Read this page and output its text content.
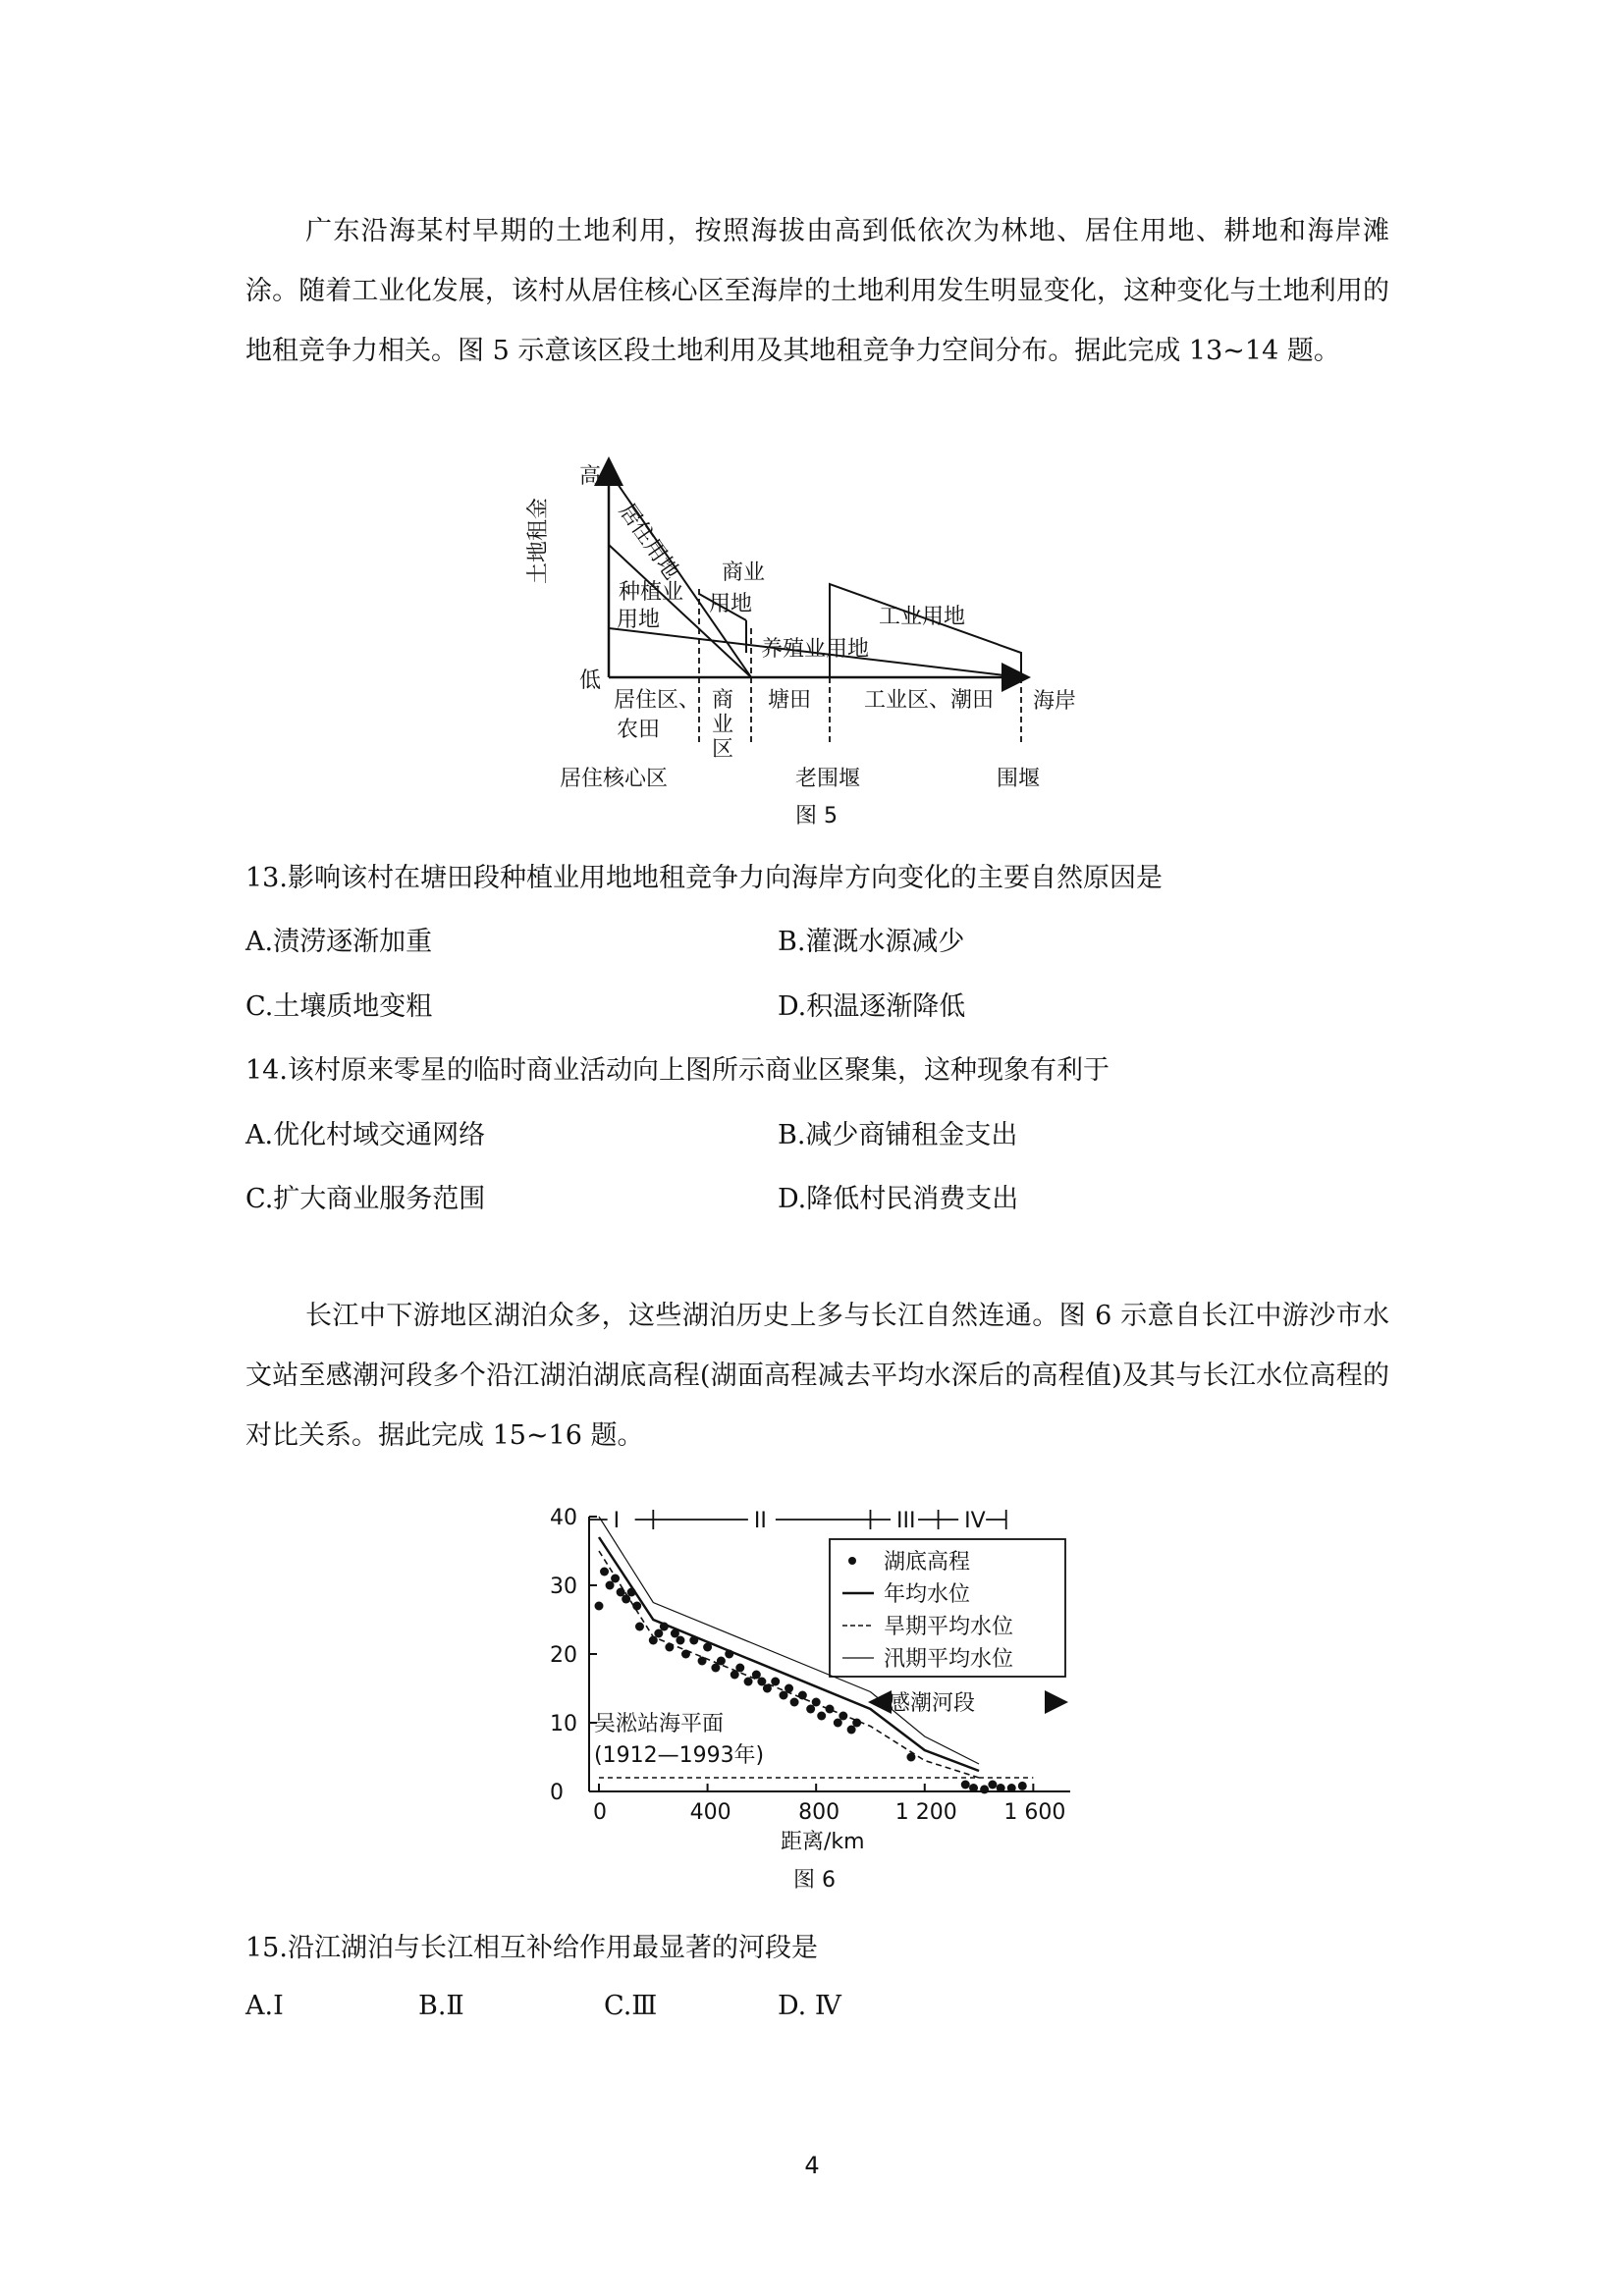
广东沿海某村早期的土地利用，按照海拔由高到低依次为林地、居住用地、耕地和海岸滩涂。随着工业化发展，该村从居住核心区至海岸的土地利用发生明显变化，这种变化与土地利用的地租竞争力相关。图 5 示意该区段土地利用及其地租竞争力空间分布。据此完成 13~14 题。

高
低
土地租金
海岸
居住用地 商业
用地
种植业
用地
养殖业用地
工业用地
居住区、
农田
商
业
区
塘田 工业区、潮田
居住核心区	老围堰	围堰
图 5

13.影响该村在塘田段种植业用地地租竞争力向海岸方向变化的主要自然原因是

A.渍涝逐渐加重	B.灌溉水源减少

C.土壤质地变粗	D.积温逐渐降低

14.该村原来零星的临时商业活动向上图所示商业区聚集，这种现象有利于

A.优化村域交通网络	B.减少商铺租金支出

C.扩大商业服务范围	D.降低村民消费支出

长江中下游地区湖泊众多，这些湖泊历史上多与长江自然连通。图 6 示意自长江中游沙市水文站至感潮河段多个沿江湖泊湖底高程(湖面高程减去平均水深后的高程值)及其与长江水位高程的对比关系。据此完成 15~16 题。

湖底高程
年均水位
旱期平均水位
汛期平均水位
感潮河段
吴淞站海平面
(1912—1993年)
距离/km
图 6
0
10
20
30
40
0	400	800	1 200 1 600
I	II	III IV

15.沿江湖泊与长江相互补给作用最显著的河段是

A.Ⅰ	B.Ⅱ	C.Ⅲ	D. Ⅳ

4
